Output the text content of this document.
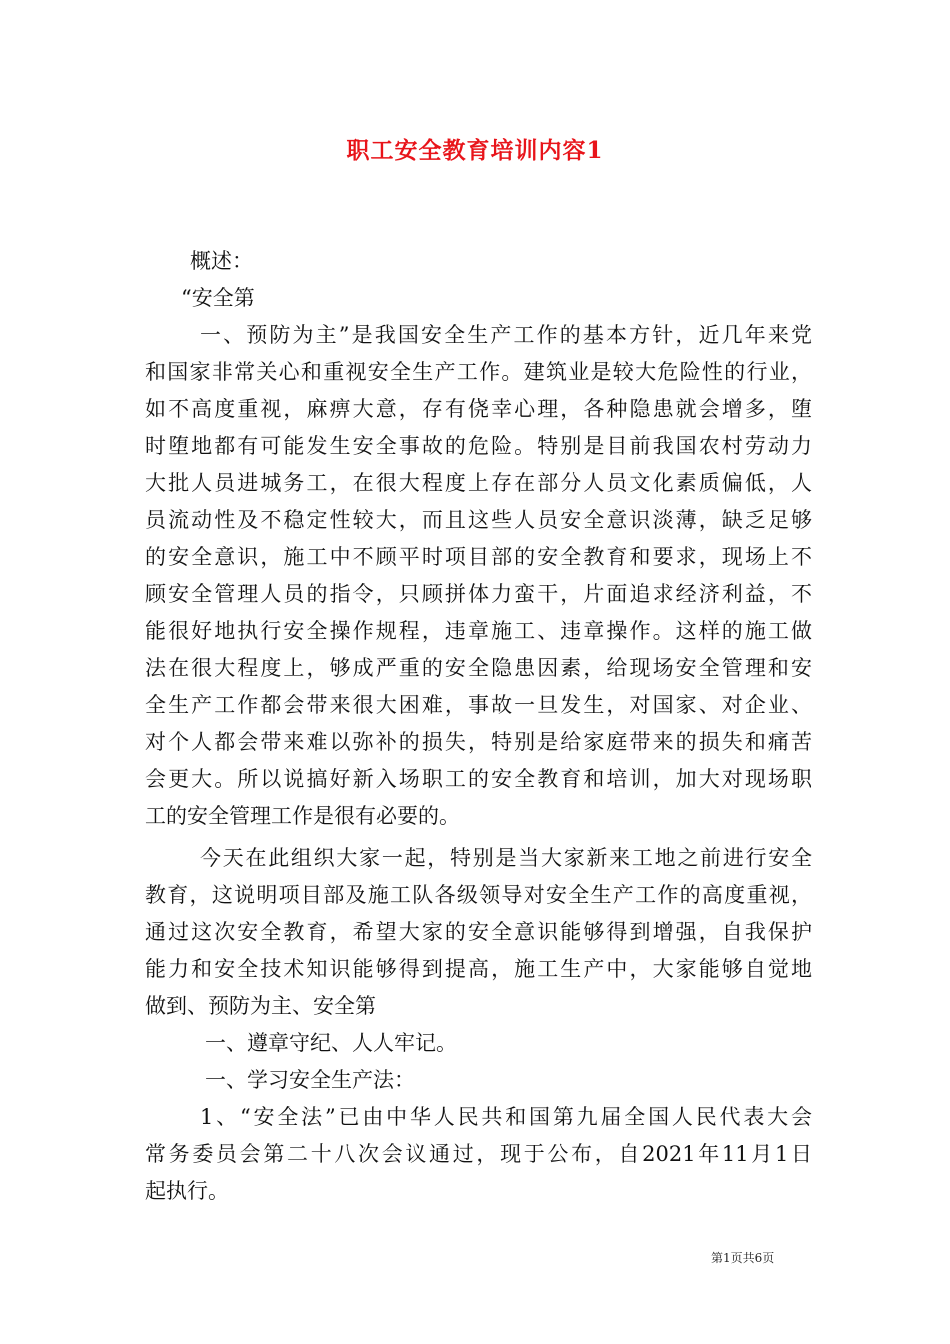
职工安全教育培训内容1
概述：
“安全第
一、预防为主”是我国安全生产工作的基本方针，近几年来党
和国家非常关心和重视安全生产工作。建筑业是较大危险性的行业，
如不高度重视，麻痹大意，存有侥幸心理，各种隐患就会增多，堕
时堕地都有可能发生安全事故的危险。特别是目前我国农村劳动力
大批人员进城务工，在很大程度上存在部分人员文化素质偏低，人
员流动性及不稳定性较大，而且这些人员安全意识淡薄，缺乏足够
的安全意识，施工中不顾平时项目部的安全教育和要求，现场上不
顾安全管理人员的指令，只顾拼体力蛮干，片面追求经济利益，不
能很好地执行安全操作规程，违章施工、违章操作。这样的施工做
法在很大程度上，够成严重的安全隐患因素，给现场安全管理和安
全生产工作都会带来很大困难，事故一旦发生，对国家、对企业、
对个人都会带来难以弥补的损失，特别是给家庭带来的损失和痛苦
会更大。所以说搞好新入场职工的安全教育和培训，加大对现场职
工的安全管理工作是很有必要的。
今天在此组织大家一起，特别是当大家新来工地之前进行安全
教育，这说明项目部及施工队各级领导对安全生产工作的高度重视，
通过这次安全教育，希望大家的安全意识能够得到增强，自我保护
能力和安全技术知识能够得到提高，施工生产中，大家能够自觉地
做到、预防为主、安全第
一、遵章守纪、人人牢记。
一、学习安全生产法：
1、“安全法”已由中华人民共和国第九届全国人民代表大会
常务委员会第二十八次会议通过，现于公布，自2021年11月1日
起执行。
第1页共6页
